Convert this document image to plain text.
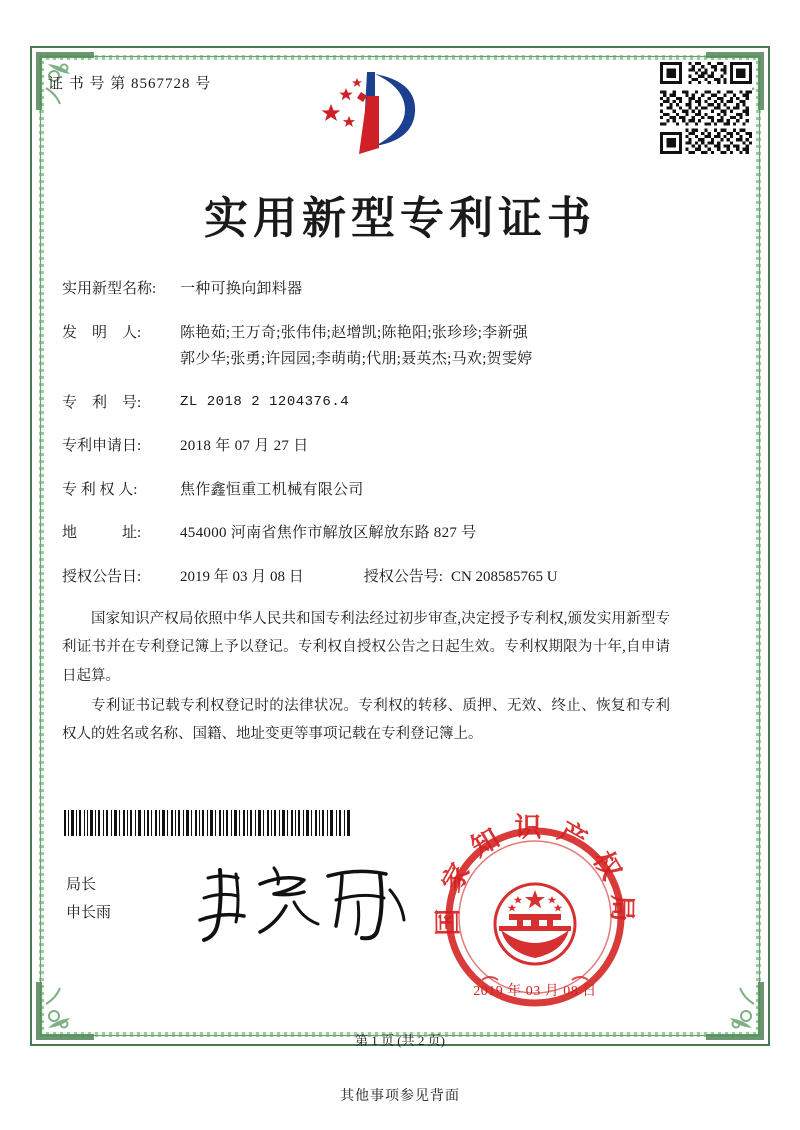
证 书 号 第 8567728 号
实用新型专利证书
实用新型名称:	一种可换向卸料器
发　明　人:	陈艳茹;王万奇;张伟伟;赵增凯;陈艳阳;张珍珍;李新强
郭少华;张勇;许园园;李萌萌;代朋;聂英杰;马欢;贺雯婷
专　利　号:	ZL 2018 2 1204376.4
专利申请日:	2018 年 07 月 27 日
专 利 权 人:	焦作鑫恒重工机械有限公司
地　　　址:	454000 河南省焦作市解放区解放东路 827 号
授权公告日:	2019 年 03 月 08 日	授权公告号: CN 208585765 U

国家知识产权局依照中华人民共和国专利法经过初步审查,决定授予专利权,颁发实用新型专利证书并在专利登记簿上予以登记。专利权自授权公告之日起生效。专利权期限为十年,自申请日起算。

专利证书记载专利权登记时的法律状况。专利权的转移、质押、无效、终止、恢复和专利权人的姓名或名称、国籍、地址变更等事项记载在专利登记簿上。

局长
申长雨	国家知识产权局
2019 年 03 月 08 日
第 1 页 (共 2 页)
其他事项参见背面
